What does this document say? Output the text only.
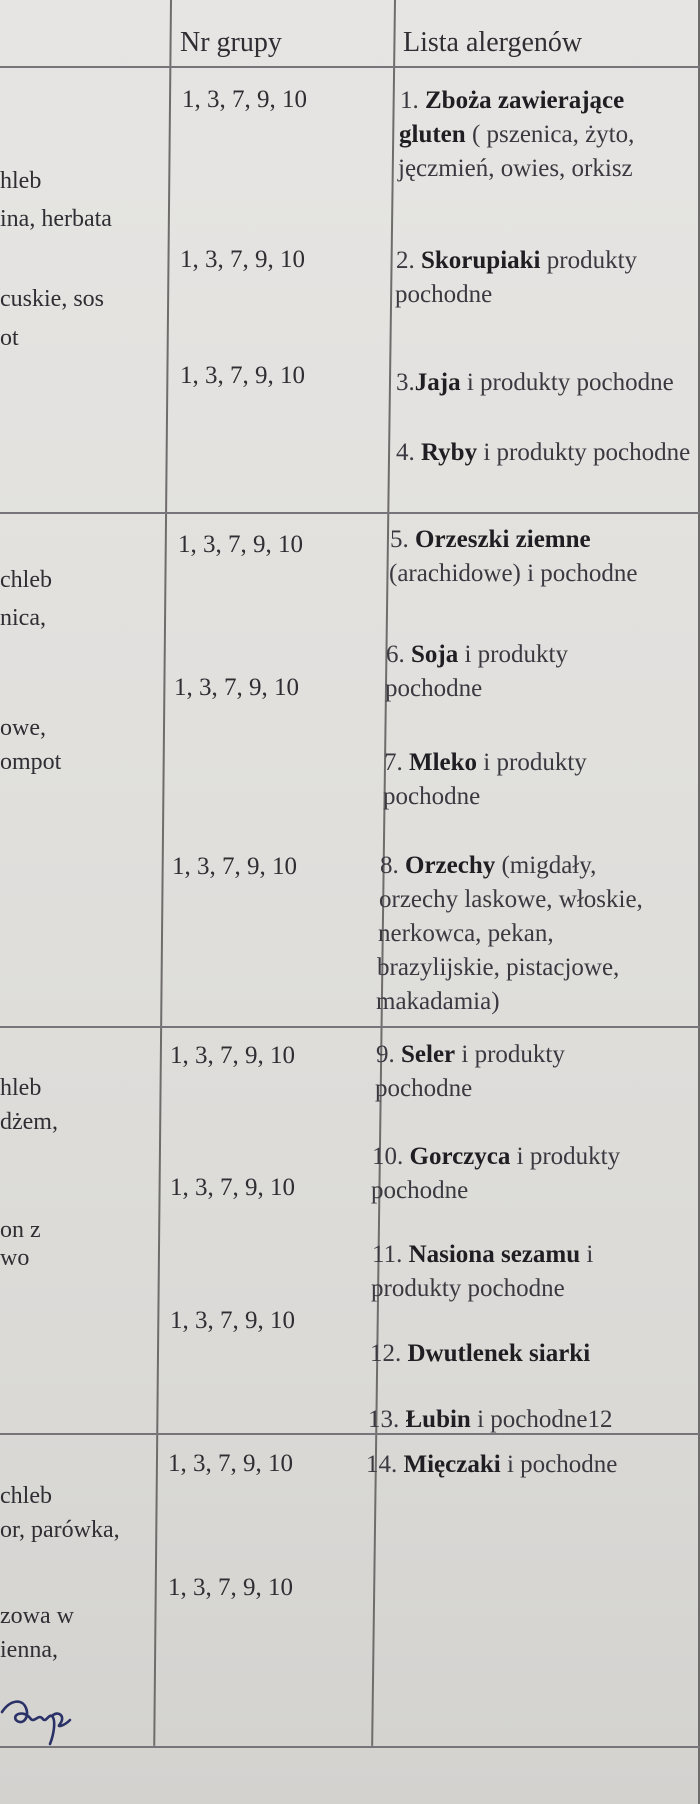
Nr grupy	Lista alergenów
hleb
ina, herbata
cuskie, sos
ot
chleb
nica,
owe,
ompot
hleb
dżem,
on z
wo
chleb
or, parówka,
zowa w
ienna,
1, 3, 7, 9, 10
1, 3, 7, 9, 10
1, 3, 7, 9, 10
1, 3, 7, 9, 10
1, 3, 7, 9, 10
1, 3, 7, 9, 10
1, 3, 7, 9, 10
1, 3, 7, 9, 10
1, 3, 7, 9, 10
1, 3, 7, 9, 10
1, 3, 7, 9, 10
1. Zboża zawierające
gluten ( pszenica, żyto,
jęczmień, owies, orkisz
2. Skorupiaki produkty
pochodne
3.Jaja i produkty pochodne
4. Ryby i produkty pochodne
5. Orzeszki ziemne
(arachidowe) i pochodne
6. Soja i produkty
pochodne
7. Mleko i produkty
pochodne
8. Orzechy (migdały,
orzechy laskowe, włoskie,
nerkowca, pekan,
brazylijskie, pistacjowe,
makadamia)
9. Seler i produkty
pochodne
10. Gorczyca i produkty
pochodne
11. Nasiona sezamu i
produkty pochodne
12. Dwutlenek siarki
13. Łubin i pochodne12
14. Mięczaki i pochodne
